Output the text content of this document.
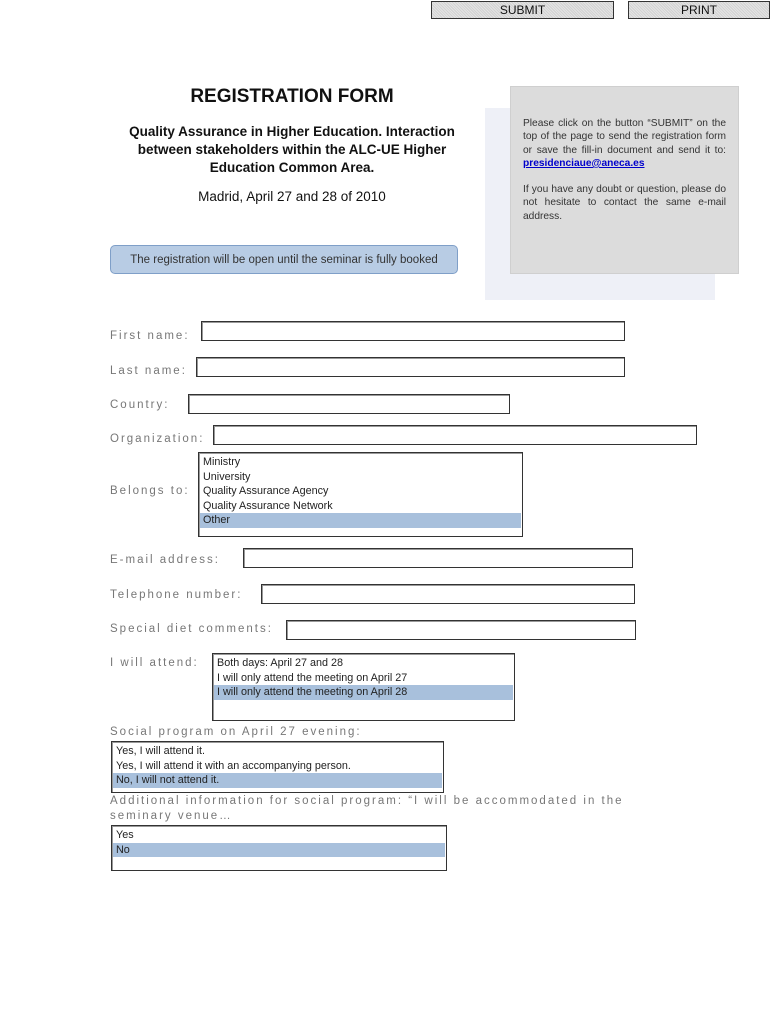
SUBMIT	PRINT
REGISTRATION FORM
Quality Assurance in Higher Education. Interaction
between stakeholders within the ALC-UE Higher
Education Common Area.
Madrid, April 27 and 28 of 2010
The registration will be open until the seminar is fully booked

Please click on the button “SUBMIT” on the top of the page to send the registration form or save the fill-in document and send it to: presidenciaue@aneca.es

If you have any doubt or question, please do not hesitate to contact the same e-mail address.

First name:
Last name:
Country:
Organization:
Belongs to:
Ministry
University
Quality Assurance Agency
Quality Assurance Network
Other
E-mail address:
Telephone number:
Special diet comments:
I will attend: Both days: April 27 and 28
I will only attend the meeting on April 27
I will only attend the meeting on April 28
Social program on April 27 evening:
Yes, I will attend it.
Yes, I will attend it with an accompanying person.
No, I will not attend it.
Additional information for social program: “I will be accommodated in the
seminary venue…
Yes
No
